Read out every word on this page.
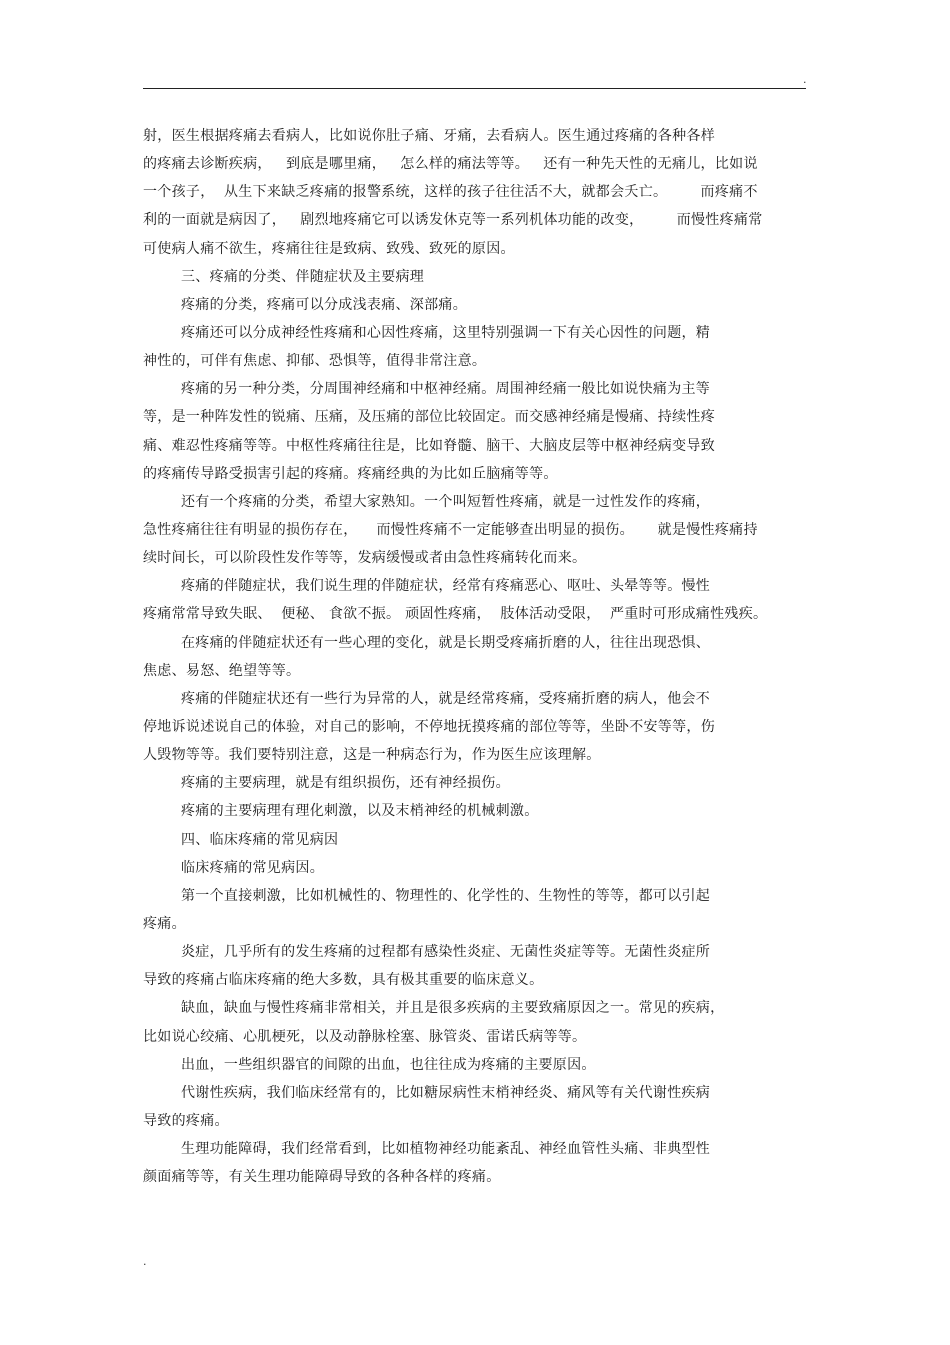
.
射，医生根据疼痛去看病人，比如说你肚子痛、牙痛，去看病人。医生通过疼痛的各种各样
的疼痛去诊断疾病，   到底是哪里痛，   怎么样的痛法等等。   还有一种先天性的无痛儿，比如说
一个孩子，  从生下来缺乏疼痛的报警系统，这样的孩子往往活不大，就都会夭亡。       而疼痛不
利的一面就是病因了，   剧烈地疼痛它可以诱发休克等一系列机体功能的改变，       而慢性疼痛常
可使病人痛不欲生，疼痛往往是致病、致残、致死的原因。
三、疼痛的分类、伴随症状及主要病理
疼痛的分类，疼痛可以分成浅表痛、深部痛。
疼痛还可以分成神经性疼痛和心因性疼痛，这里特别强调一下有关心因性的问题，精
神性的，可伴有焦虑、抑郁、恐惧等，值得非常注意。
疼痛的另一种分类，分周围神经痛和中枢神经痛。周围神经痛一般比如说快痛为主等
等，是一种阵发性的锐痛、压痛，及压痛的部位比较固定。而交感神经痛是慢痛、持续性疼
痛、难忍性疼痛等等。中枢性疼痛往往是，比如脊髓、脑干、大脑皮层等中枢神经病变导致
的疼痛传导路受损害引起的疼痛。疼痛经典的为比如丘脑痛等等。
还有一个疼痛的分类，希望大家熟知。一个叫短暂性疼痛，就是一过性发作的疼痛，
急性疼痛往往有明显的损伤存在，    而慢性疼痛不一定能够查出明显的损伤。     就是慢性疼痛持
续时间长，可以阶段性发作等等，发病缓慢或者由急性疼痛转化而来。
疼痛的伴随症状，我们说生理的伴随症状，经常有疼痛恶心、呕吐、头晕等等。慢性
疼痛常常导致失眠、  便秘、 食欲不振。 顽固性疼痛，  肢体活动受限，  严重时可形成痛性残疾。
在疼痛的伴随症状还有一些心理的变化，就是长期受疼痛折磨的人，往往出现恐惧、
焦虑、易怒、绝望等等。
疼痛的伴随症状还有一些行为异常的人，就是经常疼痛，受疼痛折磨的病人，他会不
停地诉说述说自己的体验，对自己的影响，不停地抚摸疼痛的部位等等，坐卧不安等等，伤
人毁物等等。我们要特别注意，这是一种病态行为，作为医生应该理解。
疼痛的主要病理，就是有组织损伤，还有神经损伤。
疼痛的主要病理有理化刺激，以及末梢神经的机械刺激。
四、临床疼痛的常见病因
临床疼痛的常见病因。
第一个直接刺激，比如机械性的、物理性的、化学性的、生物性的等等，都可以引起
疼痛。
炎症，几乎所有的发生疼痛的过程都有感染性炎症、无菌性炎症等等。无菌性炎症所
导致的疼痛占临床疼痛的绝大多数，具有极其重要的临床意义。
缺血，缺血与慢性疼痛非常相关，并且是很多疾病的主要致痛原因之一。常见的疾病，
比如说心绞痛、心肌梗死，以及动静脉栓塞、脉管炎、雷诺氏病等等。
出血，一些组织器官的间隙的出血，也往往成为疼痛的主要原因。
代谢性疾病，我们临床经常有的，比如糖尿病性末梢神经炎、痛风等有关代谢性疾病
导致的疼痛。
生理功能障碍，我们经常看到，比如植物神经功能紊乱、神经血管性头痛、非典型性
颜面痛等等，有关生理功能障碍导致的各种各样的疼痛。
.
